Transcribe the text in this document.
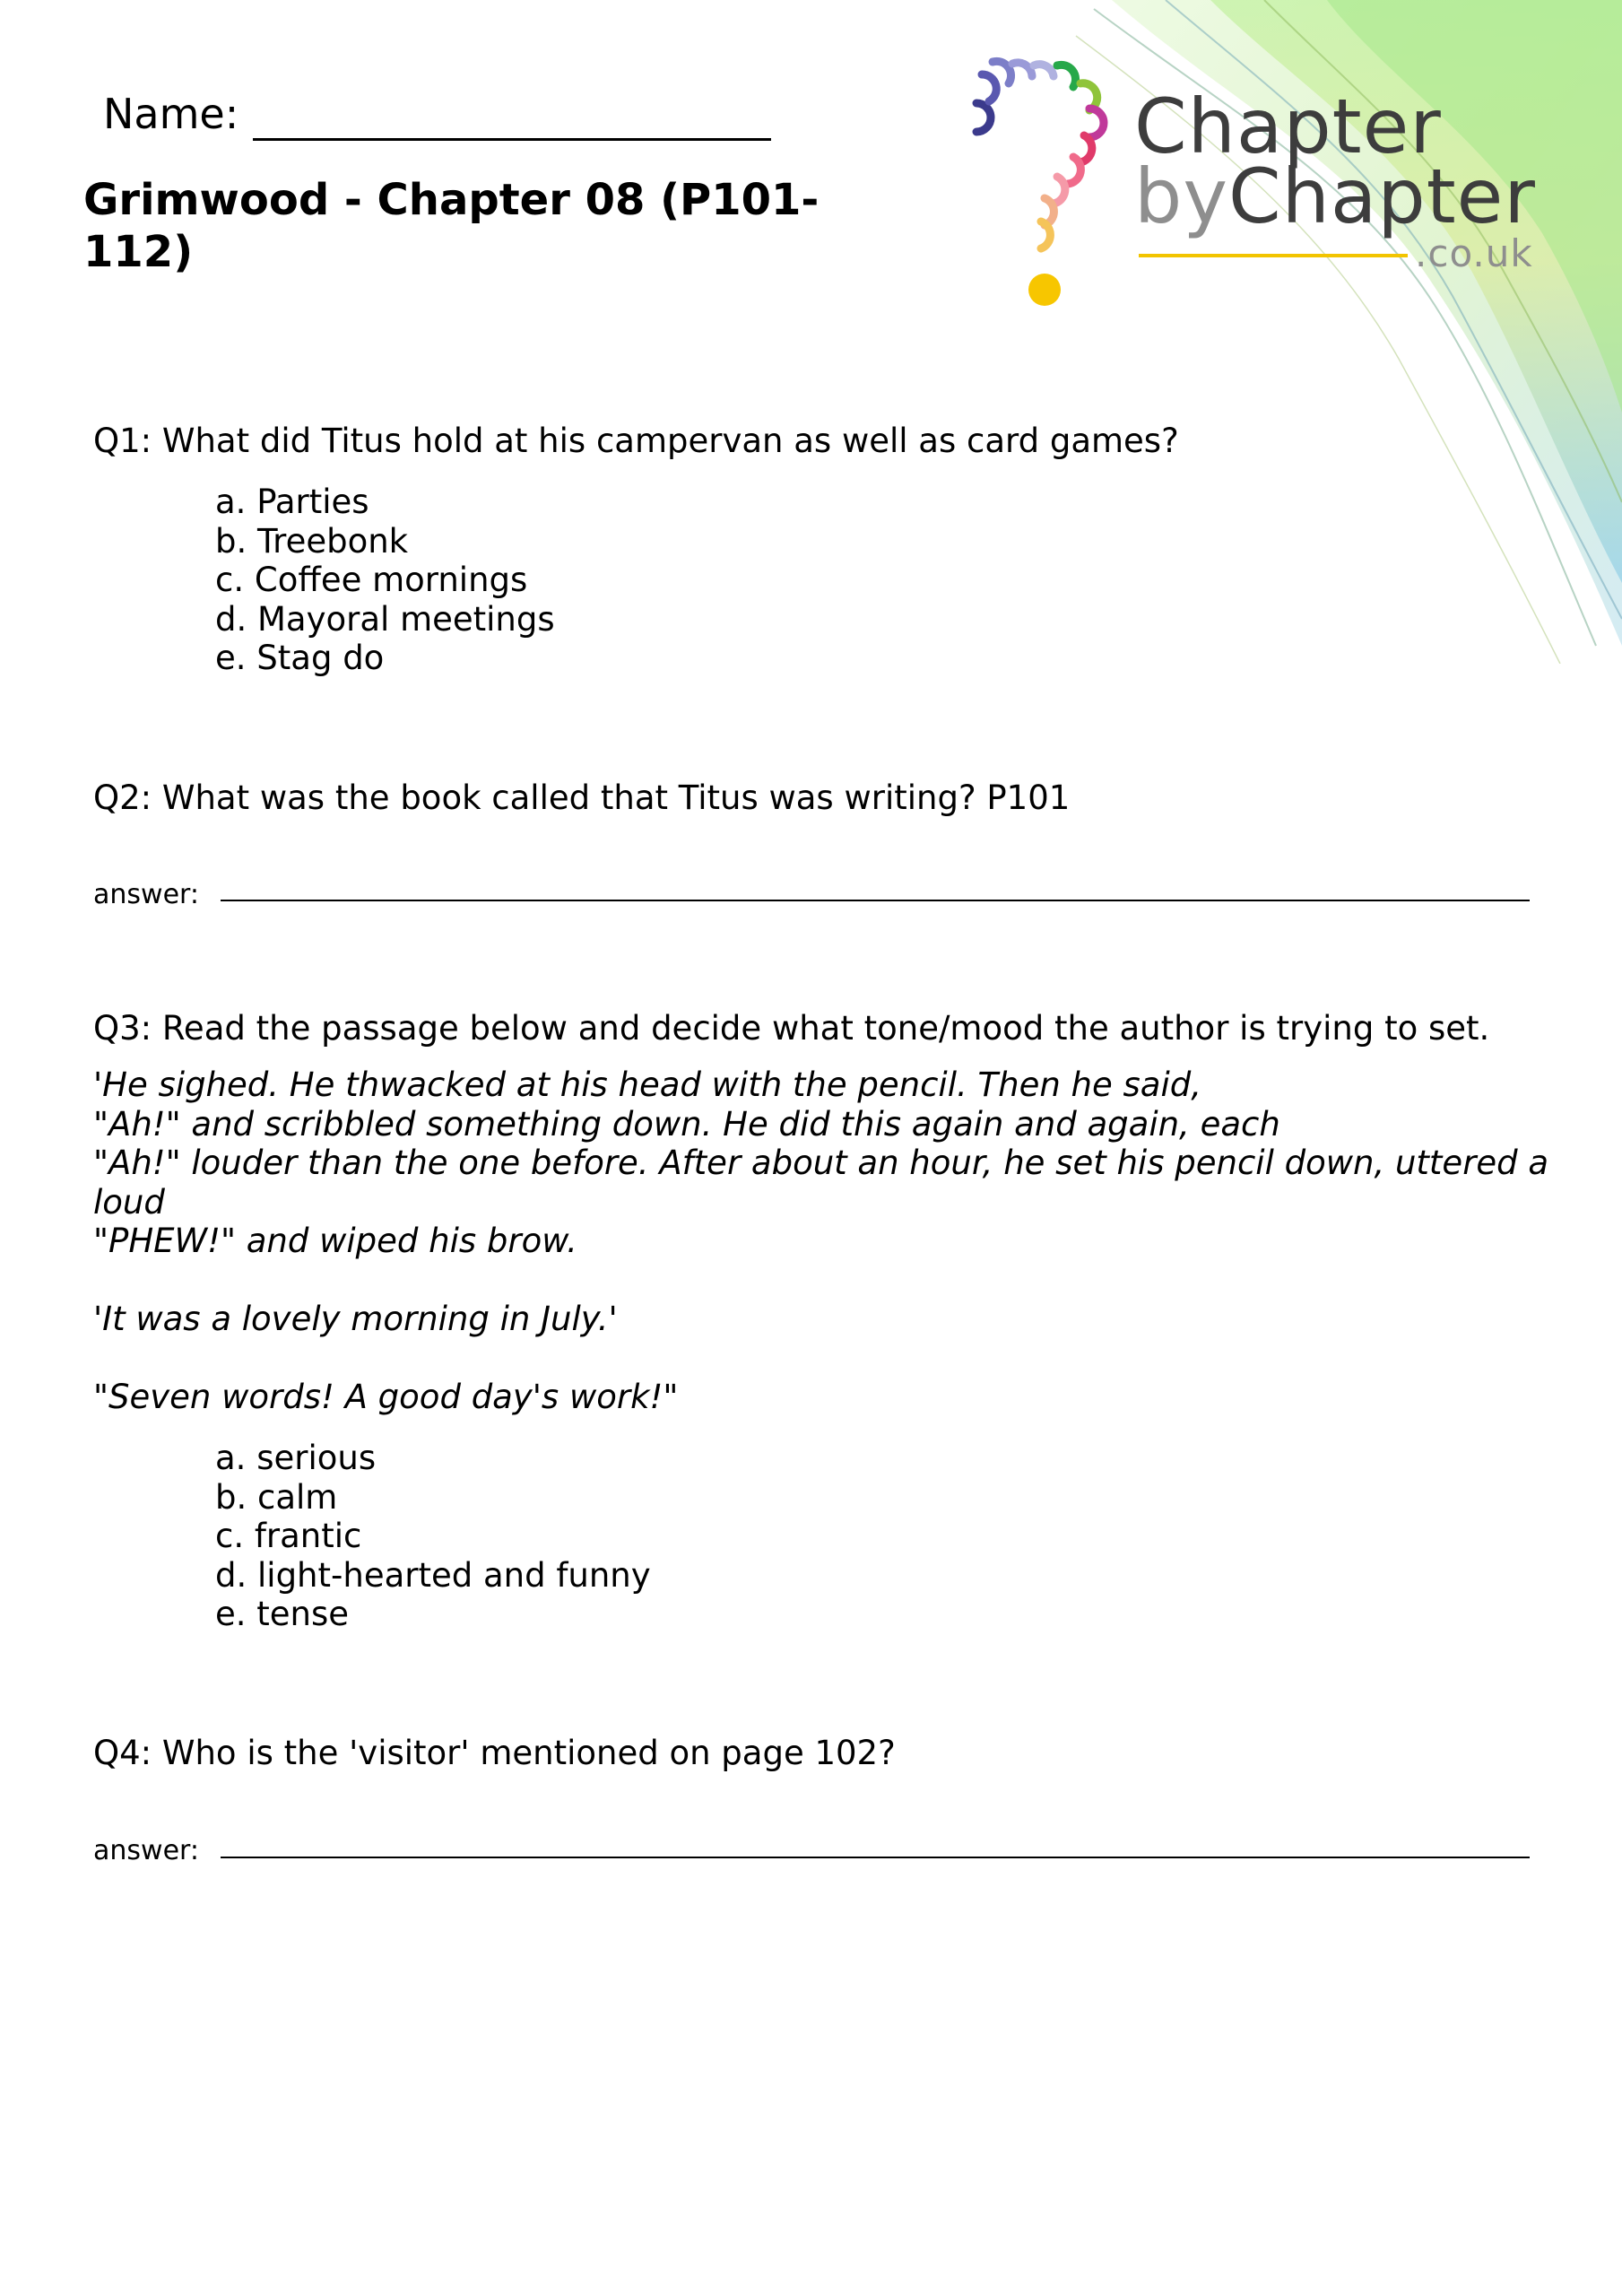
Chapter
byChapter
.co.uk
Name:
Grimwood - Chapter 08 (P101-112)
Q1: What did Titus hold at his campervan as well as card games?
a. Parties
b. Treebonk
c. Coffee mornings
d. Mayoral meetings
e. Stag do
Q2: What was the book called that Titus was writing? P101
answer:
Q3: Read the passage below and decide what tone/mood the author is trying to set.

'He sighed. He thwacked at his head with the pencil. Then he said,

"Ah!" and scribbled something down. He did this again and again, each

"Ah!" louder than the one before. After about an hour, he set his pencil down, uttered a loud

"PHEW!" and wiped his brow.

'It was a lovely morning in July.'

"Seven words! A good day's work!"

a. serious
b. calm
c. frantic
d. light-hearted and funny
e. tense
Q4: Who is the 'visitor' mentioned on page 102?
answer:
